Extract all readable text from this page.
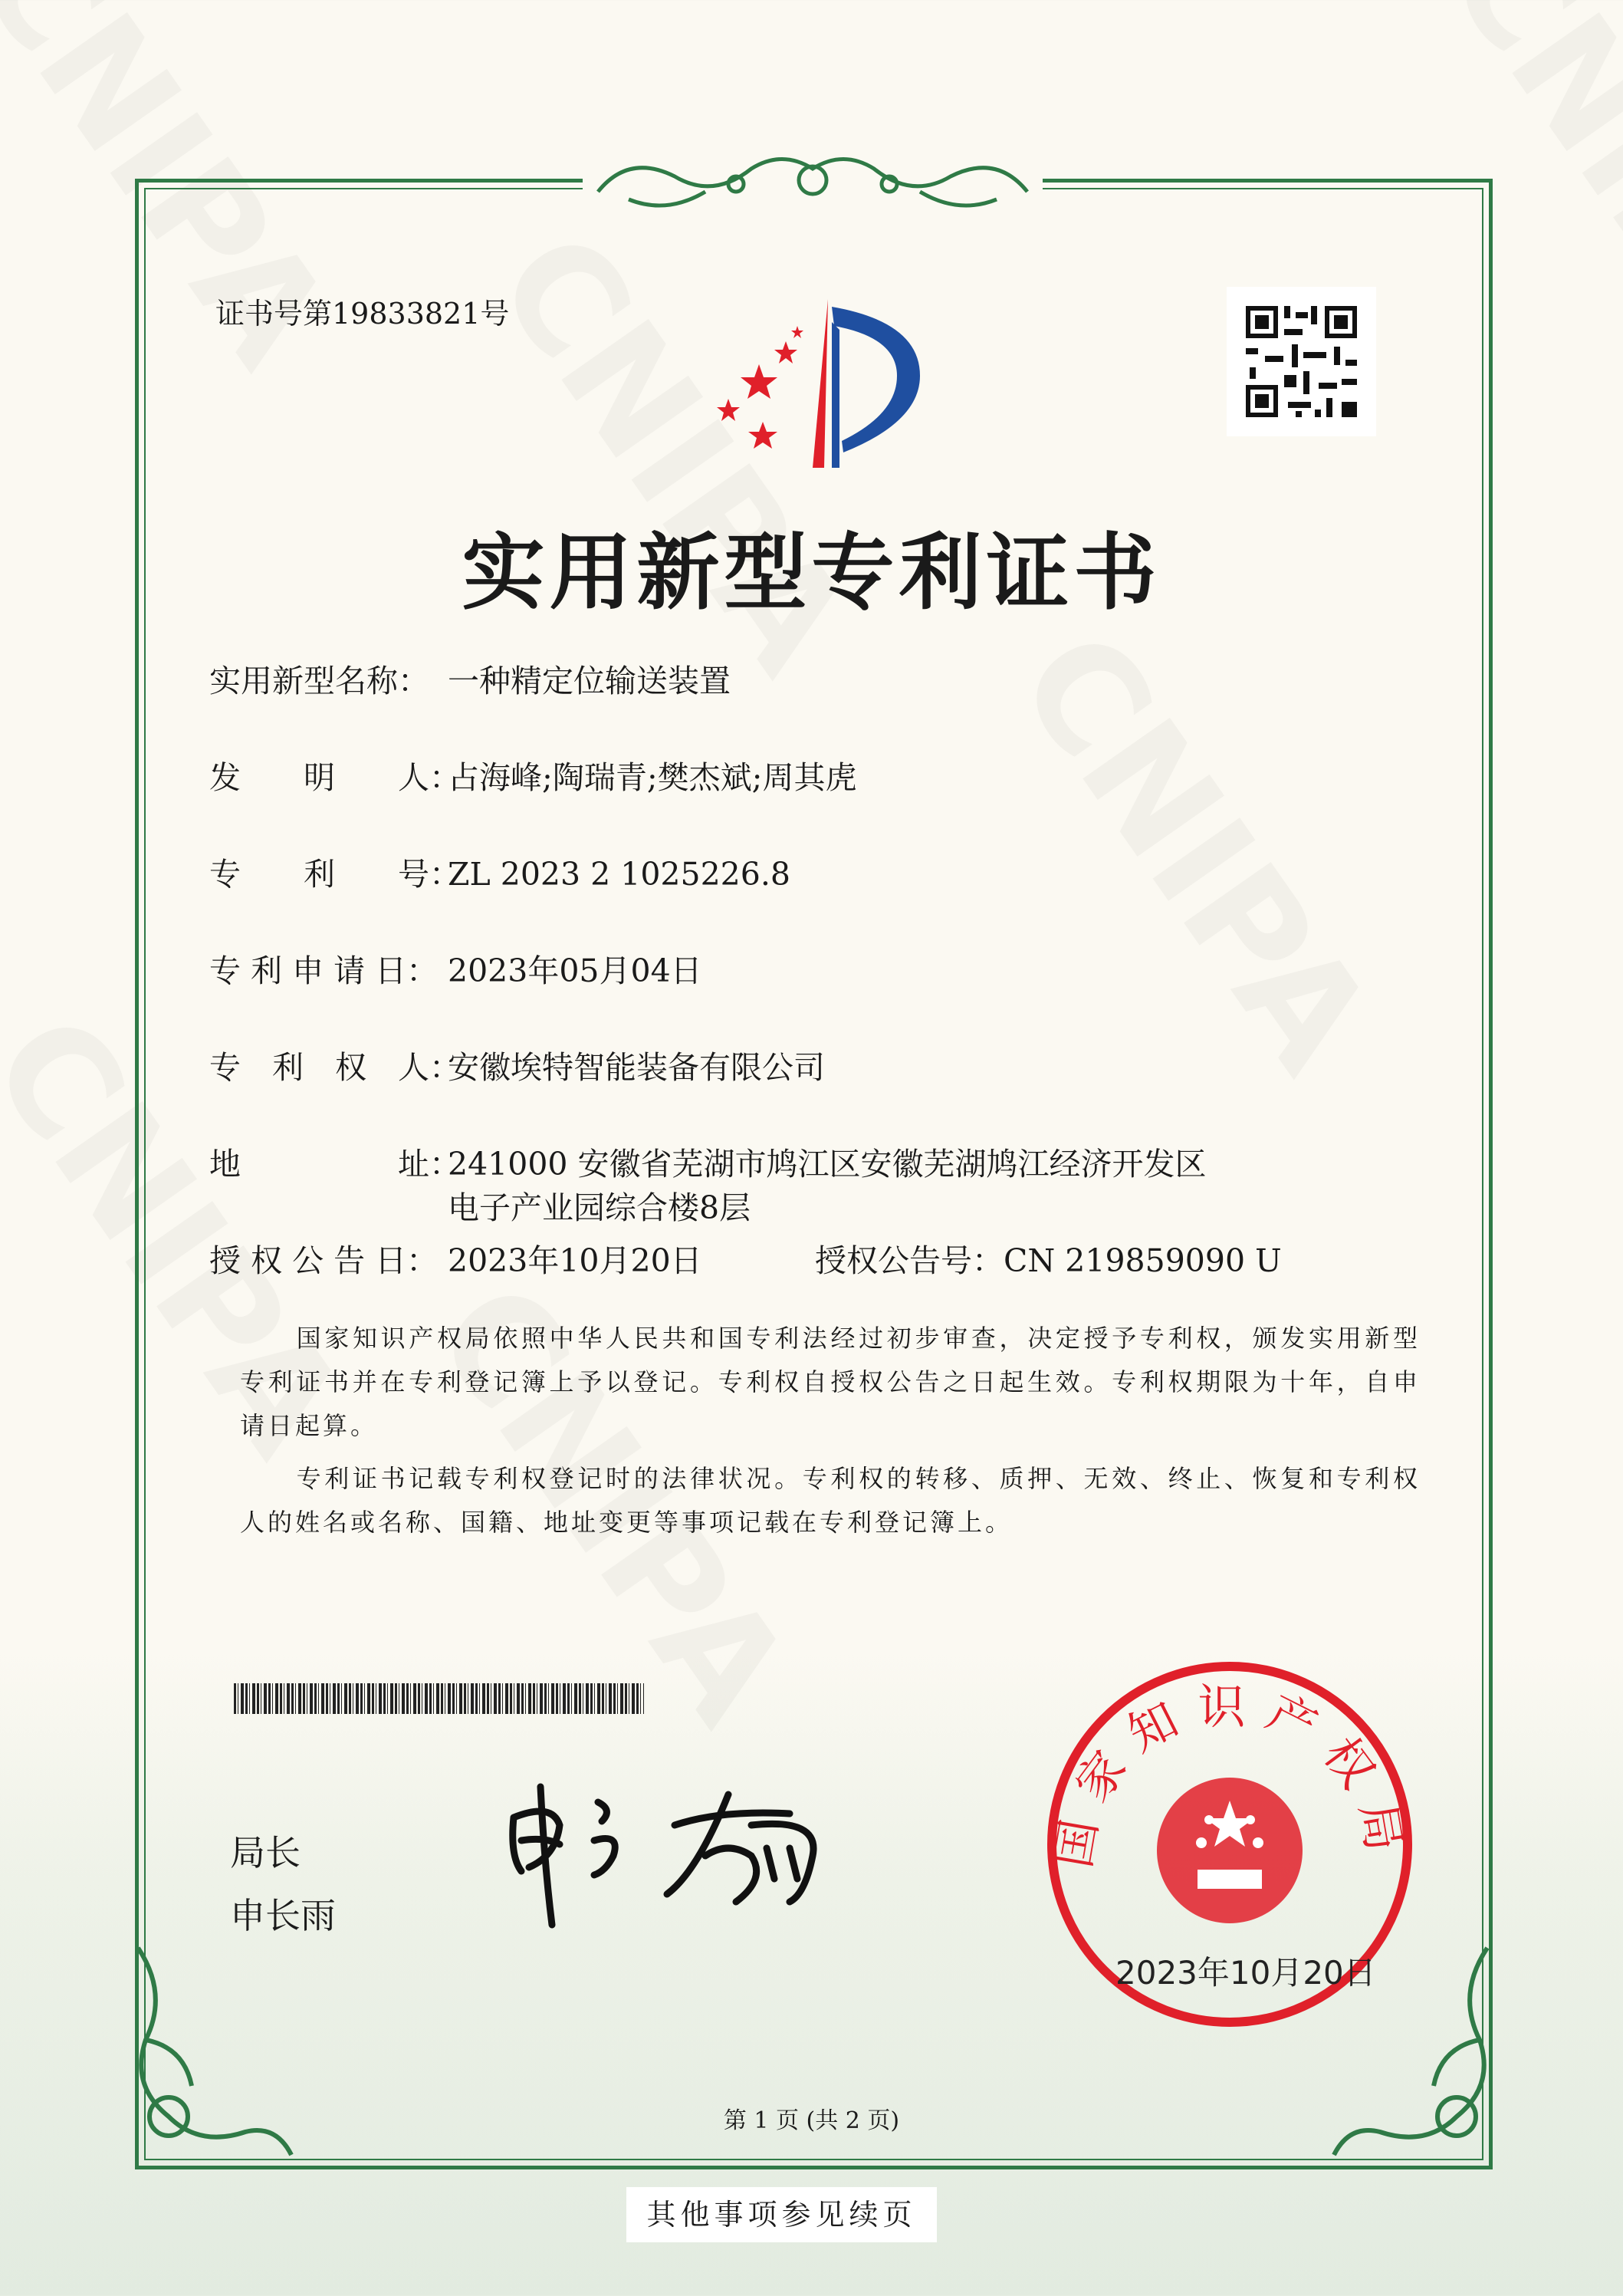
证书号第19833821号
实用新型专利证书
实用新型名称： 一种精定位输送装置
发　　明　　人：占海峰;陶瑞青;樊杰斌;周其虎
专　　利　　号：ZL 2023 2 1025226.8
专 利 申 请 日： 2023年05月04日
专　利　权　人：安徽埃特智能装备有限公司
地　　　　　址：241000 安徽省芜湖市鸠江区安徽芜湖鸠江经济开发区
电子产业园综合楼8层
授 权 公 告 日： 2023年10月20日	授权公告号：CN 219859090 U

国家知识产权局依照中华人民共和国专利法经过初步审查，决定授予专利权，颁发实用新型专利证书并在专利登记簿上予以登记。专利权自授权公告之日起生效。专利权期限为十年，自申请日起算。

专利证书记载专利权登记时的法律状况。专利权的转移、质押、无效、终止、恢复和专利权人的姓名或名称、国籍、地址变更等事项记载在专利登记簿上。

局长
申长雨
国家知识产权局
2023年10月20日
第 1 页 (共 2 页)
其他事项参见续页
